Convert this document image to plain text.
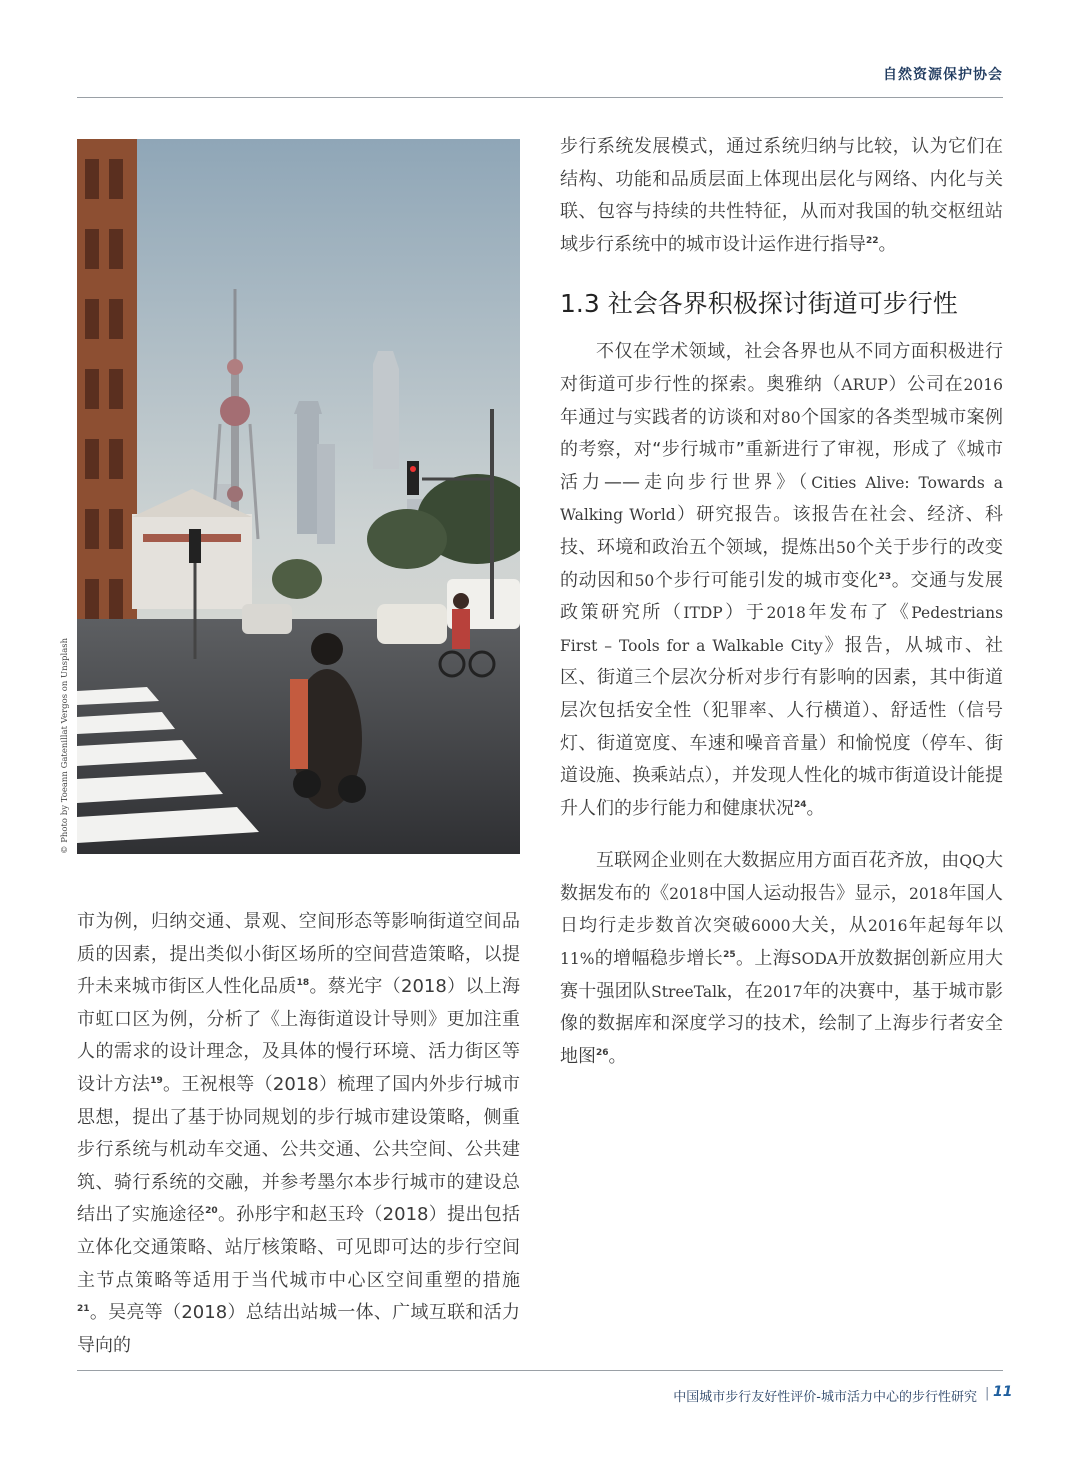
自然资源保护协会
© Photo by Toeann Gatenillat Vergos on Unsplash

市为例，归纳交通、景观、空间形态等影响街道空间品质的因素，提出类似小街区场所的空间营造策略，以提升未来城市街区人性化品质$^{18}$。蔡光宇（2018）以上海市虹口区为例，分析了《上海街道设计导则》更加注重人的需求的设计理念，及具体的慢行环境、活力街区等设计方法$^{19}$。王祝根等（2018）梳理了国内外步行城市思想，提出了基于协同规划的步行城市建设策略，侧重步行系统与机动车交通、公共交通、公共空间、公共建筑、骑行系统的交融，并参考墨尔本步行城市的建设总结出了实施途径$^{20}$。孙彤宇和赵玉玲（2018）提出包括立体化交通策略、站厅核策略、可见即可达的步行空间主节点策略等适用于当代城市中心区空间重塑的措施$^{21}$。吴亮等（2018）总结出站城一体、广域互联和活力导向的

步行系统发展模式，通过系统归纳与比较，认为它们在结构、功能和品质层面上体现出层化与网络、内化与关联、包容与持续的共性特征，从而对我国的轨交枢纽站域步行系统中的城市设计运作进行指导$^{22}$。

1.3 社会各界积极探讨街道可步行性

不仅在学术领域，社会各界也从不同方面积极进行对街道可步行性的探索。奥雅纳（ARUP）公司在2016年通过与实践者的访谈和对80个国家的各类型城市案例的考察，对“步行城市”重新进行了审视，形成了《城市活力——走向步行世界》（Cities Alive: Towards a Walking World）研究报告。该报告在社会、经济、科技、环境和政治五个领域，提炼出50个关于步行的改变的动因和50个步行可能引发的城市变化$^{23}$。交通与发展政策研究所（ITDP）于2018年发布了《Pedestrians First – Tools for a Walkable City》报告，从城市、社区、街道三个层次分析对步行有影响的因素，其中街道层次包括安全性（犯罪率、人行横道）、舒适性（信号灯、街道宽度、车速和噪音音量）和愉悦度（停车、街道设施、换乘站点），并发现人性化的城市街道设计能提升人们的步行能力和健康状况$^{24}$。

互联网企业则在大数据应用方面百花齐放，由QQ大数据发布的《2018中国人运动报告》显示，2018年国人日均行走步数首次突破6000大关，从2016年起每年以11%的增幅稳步增长$^{25}$。上海SODA开放数据创新应用大赛十强团队StreeTalk，在2017年的决赛中，基于城市影像的数据库和深度学习的技术，绘制了上海步行者安全地图$^{26}$。

中国城市步行友好性评价-城市活力中心的步行性研究 | 11
